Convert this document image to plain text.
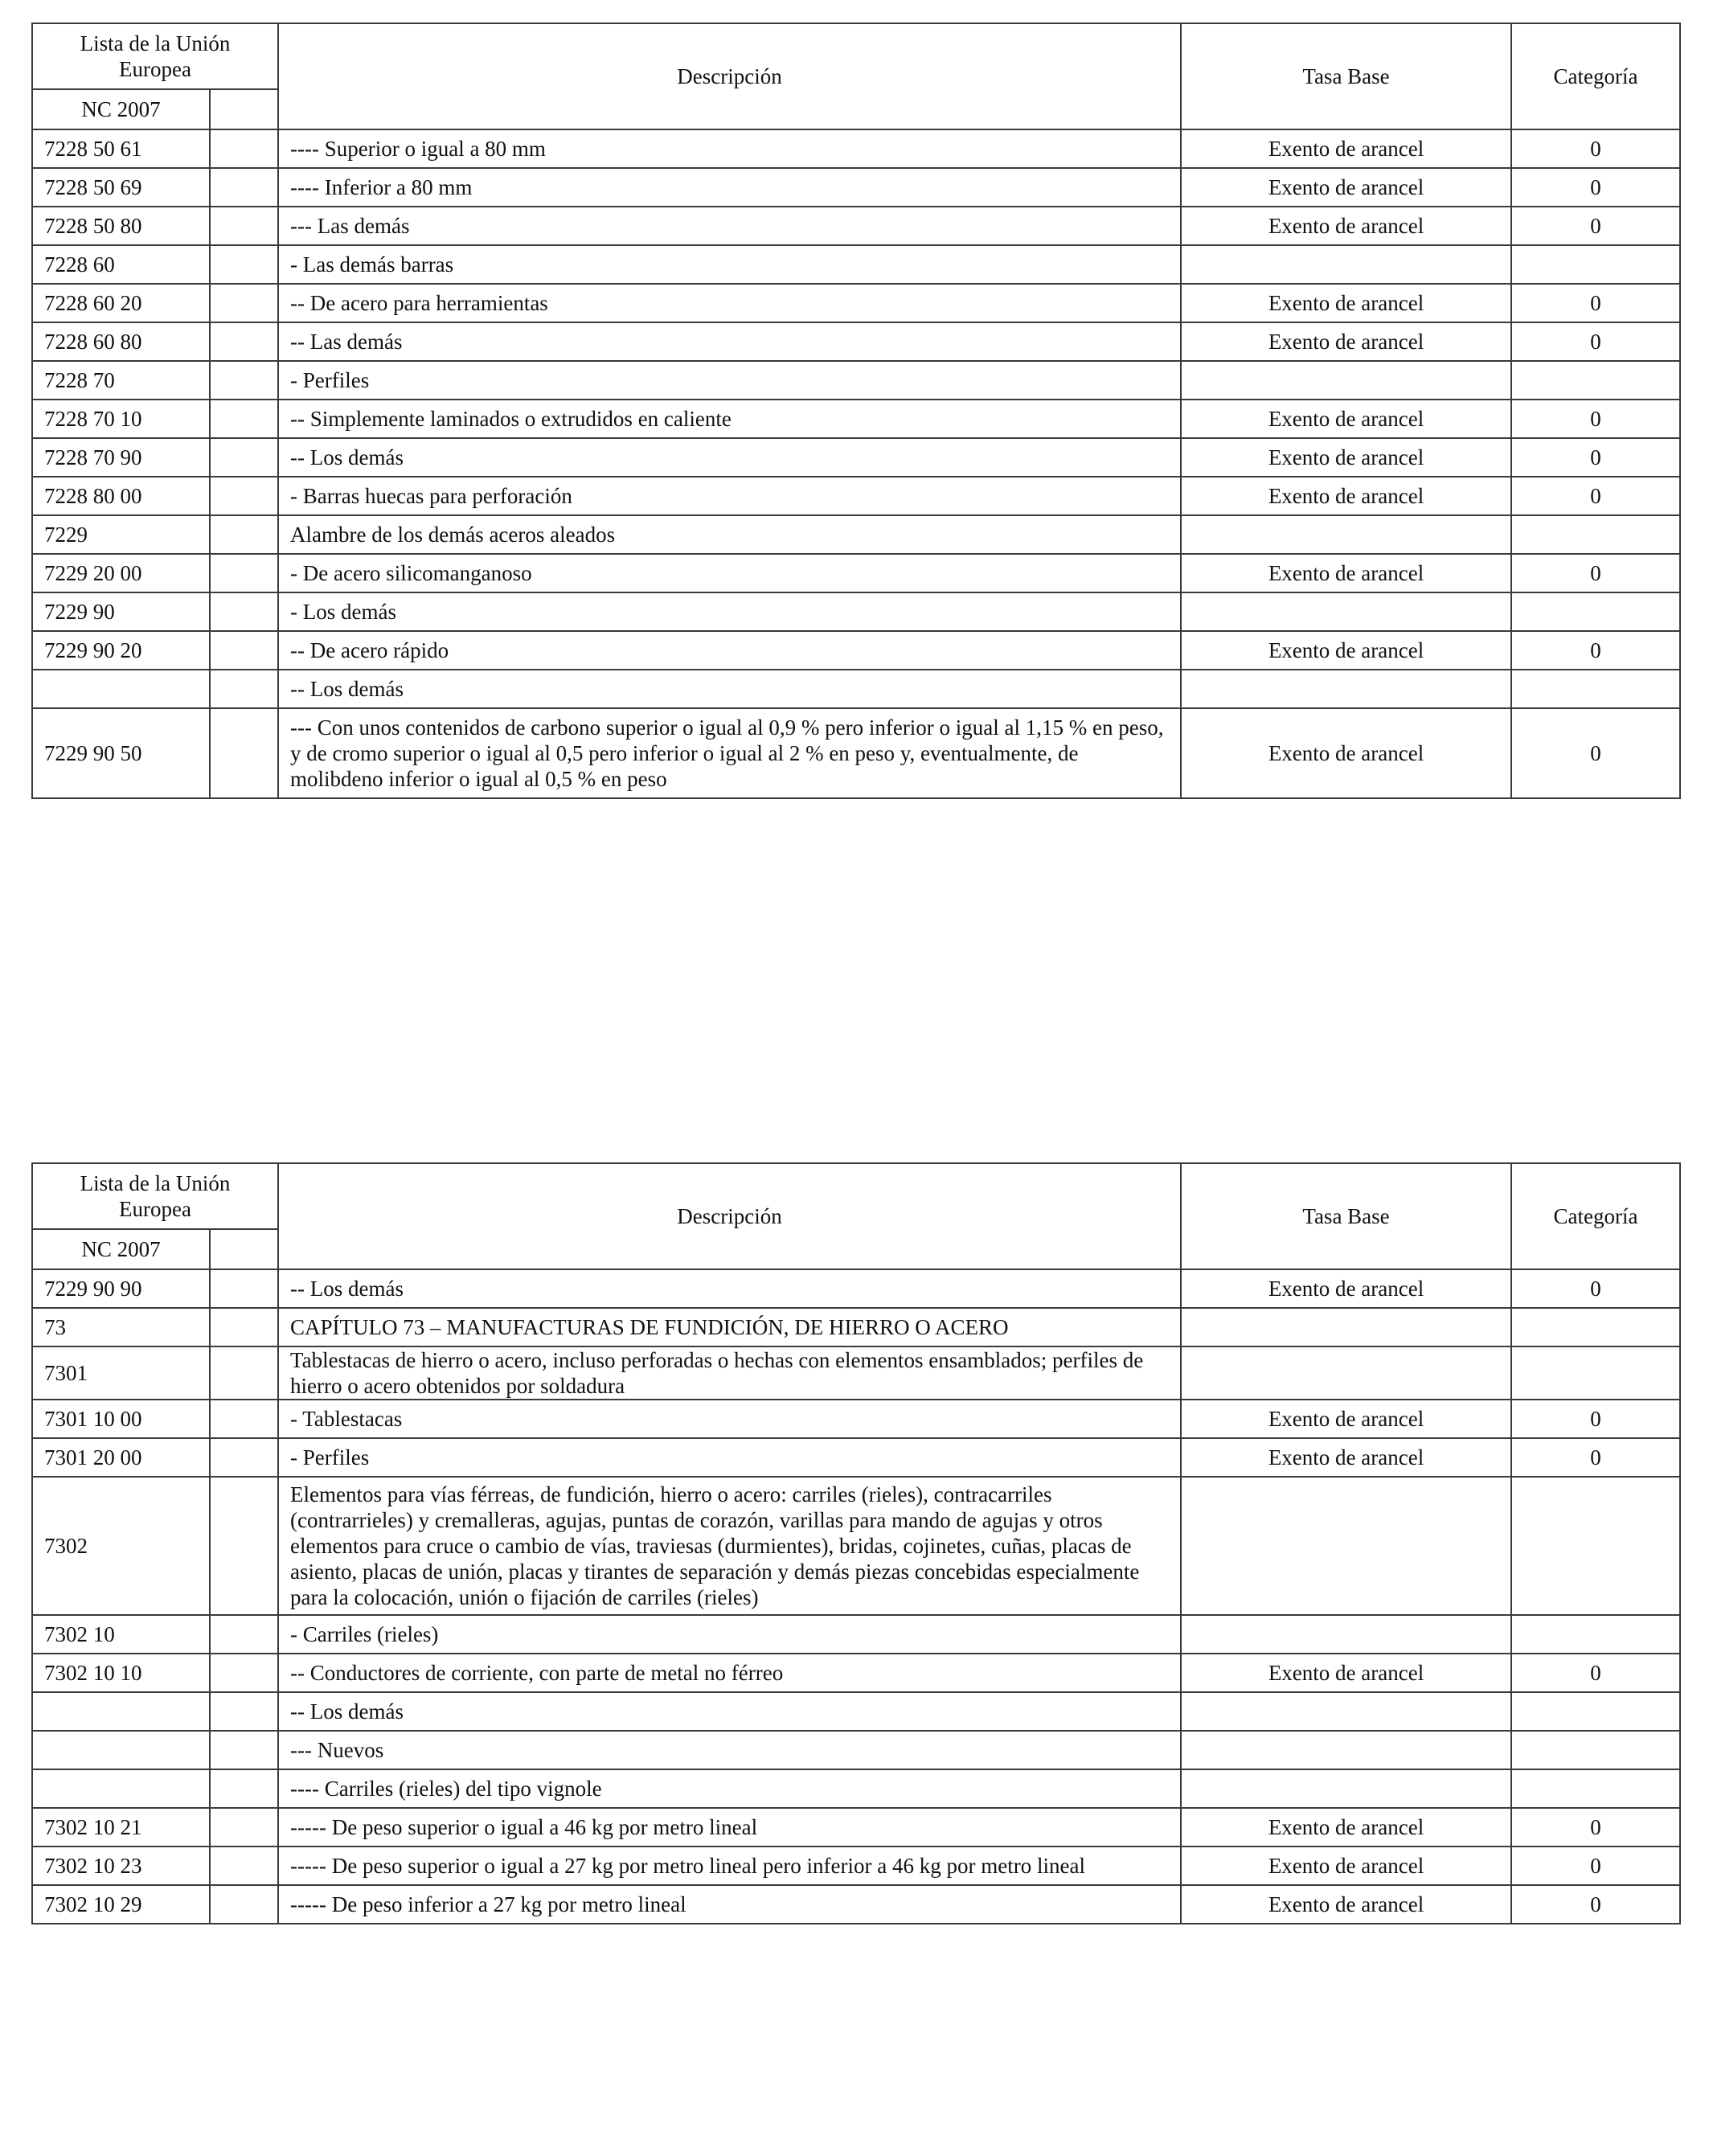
Lista de la Unión Europea		Descripción	Tasa Base	Categoría
NC 2007				
7228 50 61		---- Superior o igual a 80 mm	Exento de arancel	0
7228 50 69		---- Inferior a 80 mm	Exento de arancel	0
7228 50 80		--- Las demás	Exento de arancel	0
7228 60		- Las demás barras		
7228 60 20		-- De acero para herramientas	Exento de arancel	0
7228 60 80		-- Las demás	Exento de arancel	0
7228 70		- Perfiles		
7228 70 10		-- Simplemente laminados o extrudidos en caliente	Exento de arancel	0
7228 70 90		-- Los demás	Exento de arancel	0
7228 80 00		- Barras huecas para perforación	Exento de arancel	0
7229		Alambre de los demás aceros aleados		
7229 20 00		- De acero silicomanganoso	Exento de arancel	0
7229 90		- Los demás		
7229 90 20		-- De acero rápido	Exento de arancel	0
		-- Los demás		
7229 90 50		--- Con unos contenidos de carbono superior o igual al 0,9 % pero inferior o igual al 1,15 % en peso, y de cromo superior o igual al 0,5 pero inferior o igual al 2 % en peso y, eventualmente, de molibdeno inferior o igual al 0,5 % en peso	Exento de arancel	0
Lista de la Unión Europea		Descripción	Tasa Base	Categoría
NC 2007				
7229 90 90		-- Los demás	Exento de arancel	0
73		CAPÍTULO 73 – MANUFACTURAS DE FUNDICIÓN, DE HIERRO O ACERO		
7301		Tablestacas de hierro o acero, incluso perforadas o hechas con elementos ensamblados; perfiles de hierro o acero obtenidos por soldadura		
7301 10 00		- Tablestacas	Exento de arancel	0
7301 20 00		- Perfiles	Exento de arancel	0
7302		Elementos para vías férreas, de fundición, hierro o acero: carriles (rieles), contracarriles (contrarrieles) y cremalleras, agujas, puntas de corazón, varillas para mando de agujas y otros elementos para cruce o cambio de vías, traviesas (durmientes), bridas, cojinetes, cuñas, placas de asiento, placas de unión, placas y tirantes de separación y demás piezas concebidas especialmente para la colocación, unión o fijación de carriles (rieles)		
7302 10		- Carriles (rieles)		
7302 10 10		-- Conductores de corriente, con parte de metal no férreo	Exento de arancel	0
		-- Los demás		
		--- Nuevos		
		---- Carriles (rieles) del tipo vignole		
7302 10 21		----- De peso superior o igual a 46 kg por metro lineal	Exento de arancel	0
7302 10 23		----- De peso superior o igual a 27 kg por metro lineal pero inferior a 46 kg por metro lineal	Exento de arancel	0
7302 10 29		----- De peso inferior a 27 kg por metro lineal	Exento de arancel	0
